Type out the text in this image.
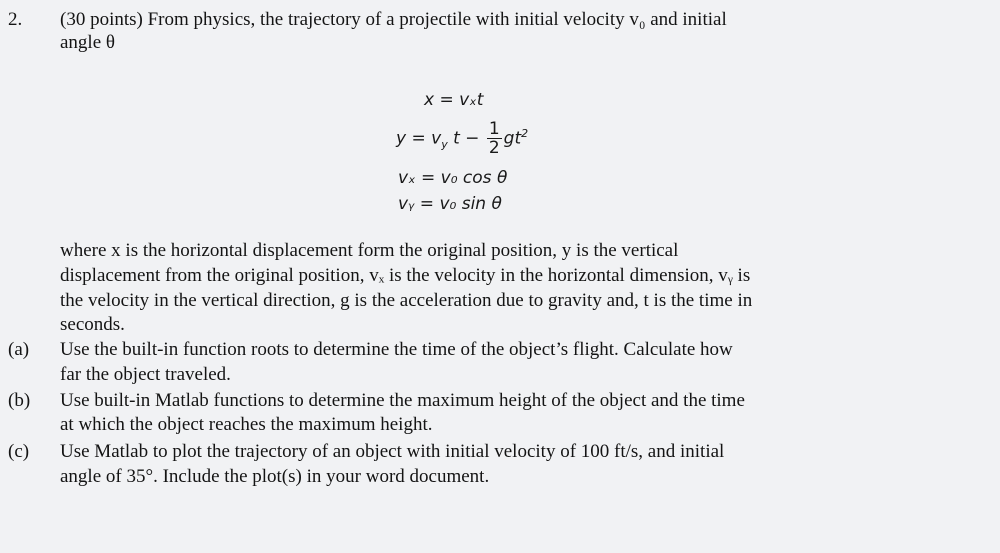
2. (30 points) From physics, the trajectory of a projectile with initial velocity v₀ and initial
angle θ
x = vₓt
$y = v_y$ $t - \frac{1}{2} gt^2$
vₓ = v₀ cos θ
vᵧ = v₀ sin θ
where x is the horizontal displacement form the original position, y is the vertical
displacement from the original position, vₓ is the velocity in the horizontal dimension, vᵧ is
the velocity in the vertical direction, g is the acceleration due to gravity and, t is the time in
seconds.
(a) Use the built-in function roots to determine the time of the object’s flight. Calculate how
far the object traveled.
(b) Use built-in Matlab functions to determine the maximum height of the object and the time
at which the object reaches the maximum height.
(c) Use Matlab to plot the trajectory of an object with initial velocity of 100 ft/s, and initial
angle of 35°. Include the plot(s) in your word document.
